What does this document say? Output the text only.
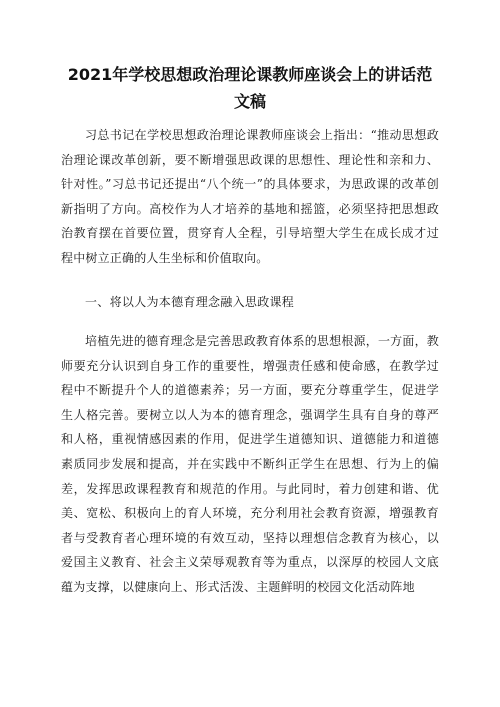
2021年学校思想政治理论课教师座谈会上的讲话范文稿
习总书记在学校思想政治理论课教师座谈会上指出：“推动思想政治理论课改革创新，要不断增强思政课的思想性、理论性和亲和力、针对性。”习总书记还提出“八个统一”的具体要求，为思政课的改革创新指明了方向。高校作为人才培养的基地和摇篮，必须坚持把思想政治教育摆在首要位置，贯穿育人全程，引导培塑大学生在成长成才过程中树立正确的人生坐标和价值取向。
一、将以人为本德育理念融入思政课程
培植先进的德育理念是完善思政教育体系的思想根源，一方面，教师要充分认识到自身工作的重要性，增强责任感和使命感，在教学过程中不断提升个人的道德素养；另一方面，要充分尊重学生，促进学生人格完善。要树立以人为本的德育理念，强调学生具有自身的尊严和人格，重视情感因素的作用，促进学生道德知识、道德能力和道德素质同步发展和提高，并在实践中不断纠正学生在思想、行为上的偏差，发挥思政课程教育和规范的作用。与此同时，着力创建和谐、优美、宽松、积极向上的育人环境，充分利用社会教育资源，增强教育者与受教育者心理环境的有效互动，坚持以理想信念教育为核心，以爱国主义教育、社会主义荣辱观教育等为重点，以深厚的校园人文底蕴为支撑，以健康向上、形式活泼、主题鲜明的校园文化活动阵地
